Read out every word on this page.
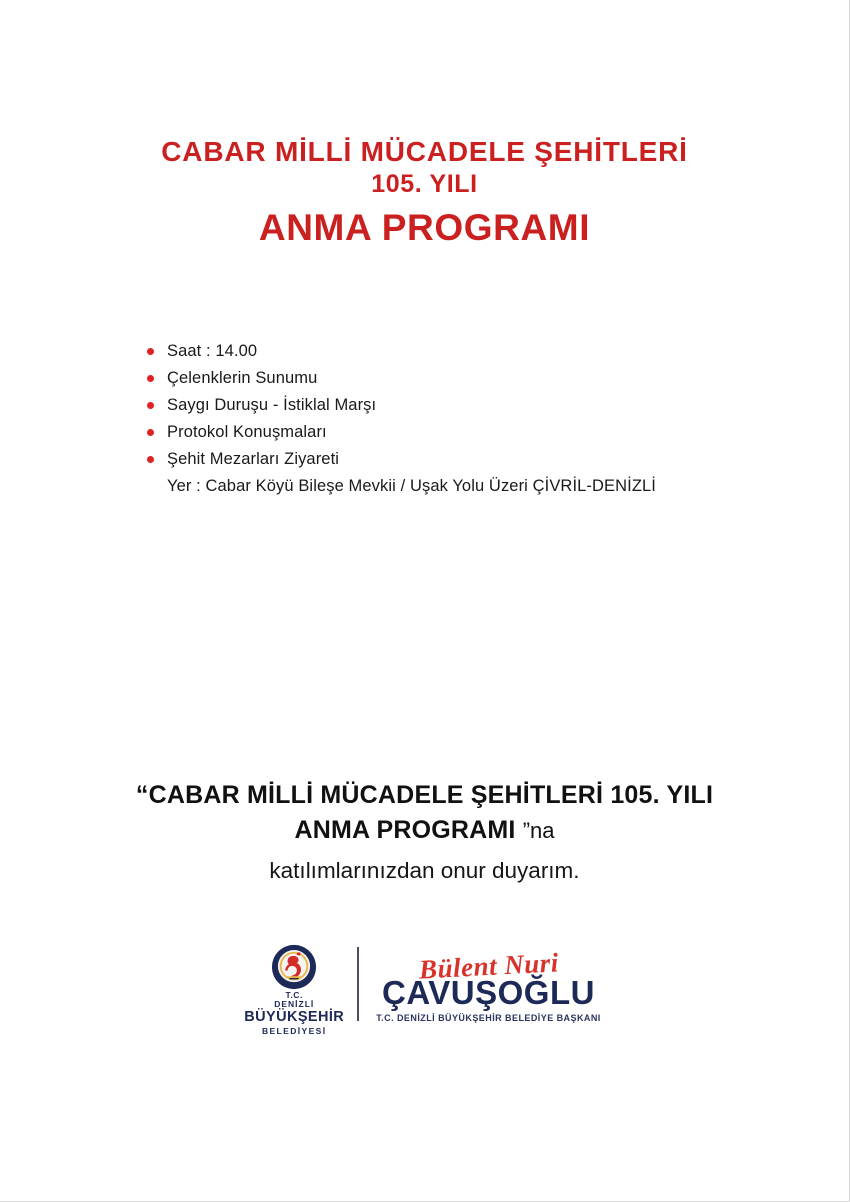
CABAR MİLLİ MÜCADELE ŞEHİTLERİ
105. YILI
ANMA PROGRAMI
Saat : 14.00
Çelenklerin Sunumu
Saygı Duruşu - İstiklal Marşı
Protokol Konuşmaları
Şehit Mezarları Ziyareti
Yer : Cabar Köyü Bileşe Mevkii / Uşak Yolu Üzeri ÇİVRİL-DENİZLİ
“CABAR MİLLİ MÜCADELE ŞEHİTLERİ 105. YILI
ANMA PROGRAMI ”na
katılımlarınızdan onur duyarım.
T.C.
DENİZLİ
BÜYÜKŞEHİR
BELEDİYESİ
Bülent Nuri
ÇAVUŞOĞLU
T.C. DENİZLİ BÜYÜKŞEHİR BELEDİYE BAŞKANI
